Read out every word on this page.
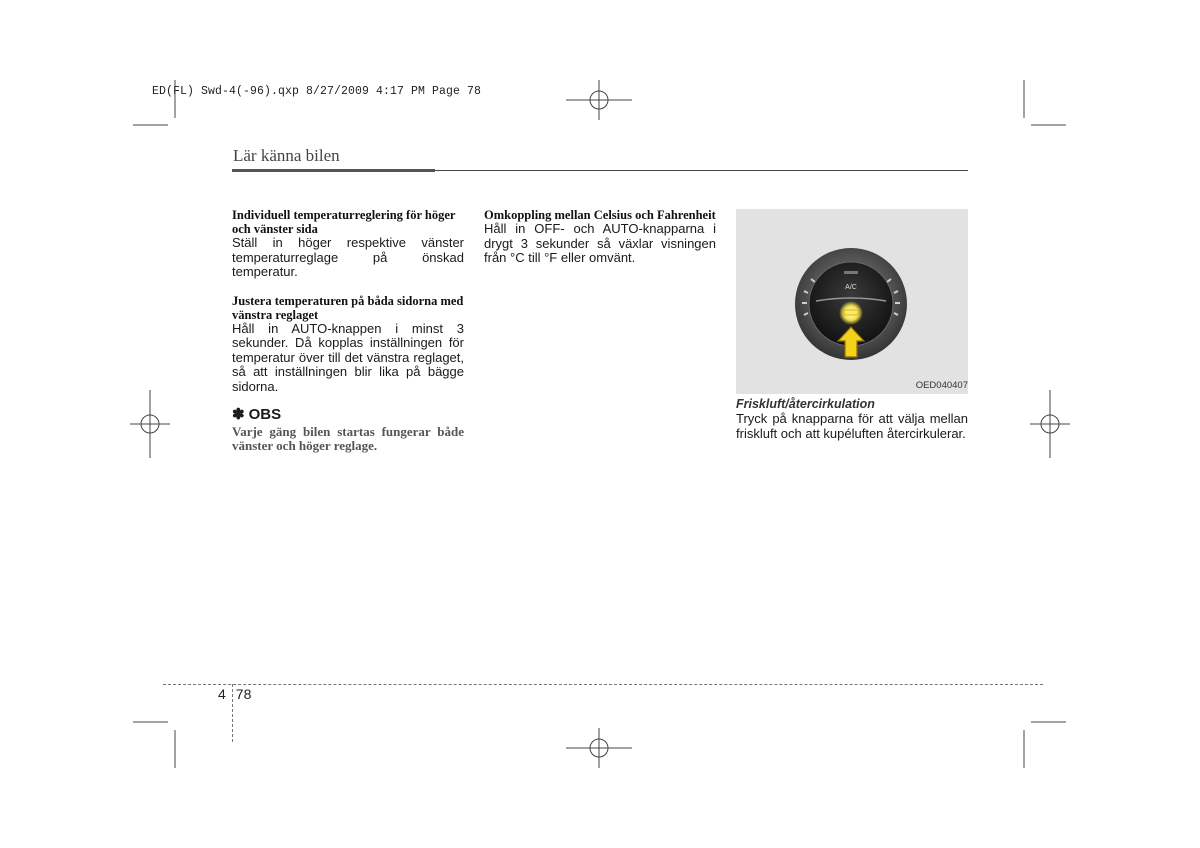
ED(FL) Swd-4(-96).qxp 8/27/2009 4:17 PM Page 78
Lär känna bilen
Individuell temperaturreglering för höger och vänster sida

Ställ in höger respektive vänster temperaturreglage på önskad temperatur.

Justera temperaturen på båda sidorna med vänstra reglaget

Håll in AUTO-knappen i minst 3 sekunder. Då kopplas inställningen för temperatur över till det vänstra reglaget, så att inställningen blir lika på bägge sidorna.

✽ OBS
Varje gäng bilen startas fungerar både vänster och höger reglage.
Omkoppling mellan Celsius och Fahrenheit

Håll in OFF- och AUTO-knapparna i drygt 3 sekunder så växlar visningen från °C till °F eller omvänt.

A/C
OED040407
Friskluft/återcirkulation
Tryck på knapparna för att välja mellan friskluft och att kupéluften återcirkulerar.
4 78
